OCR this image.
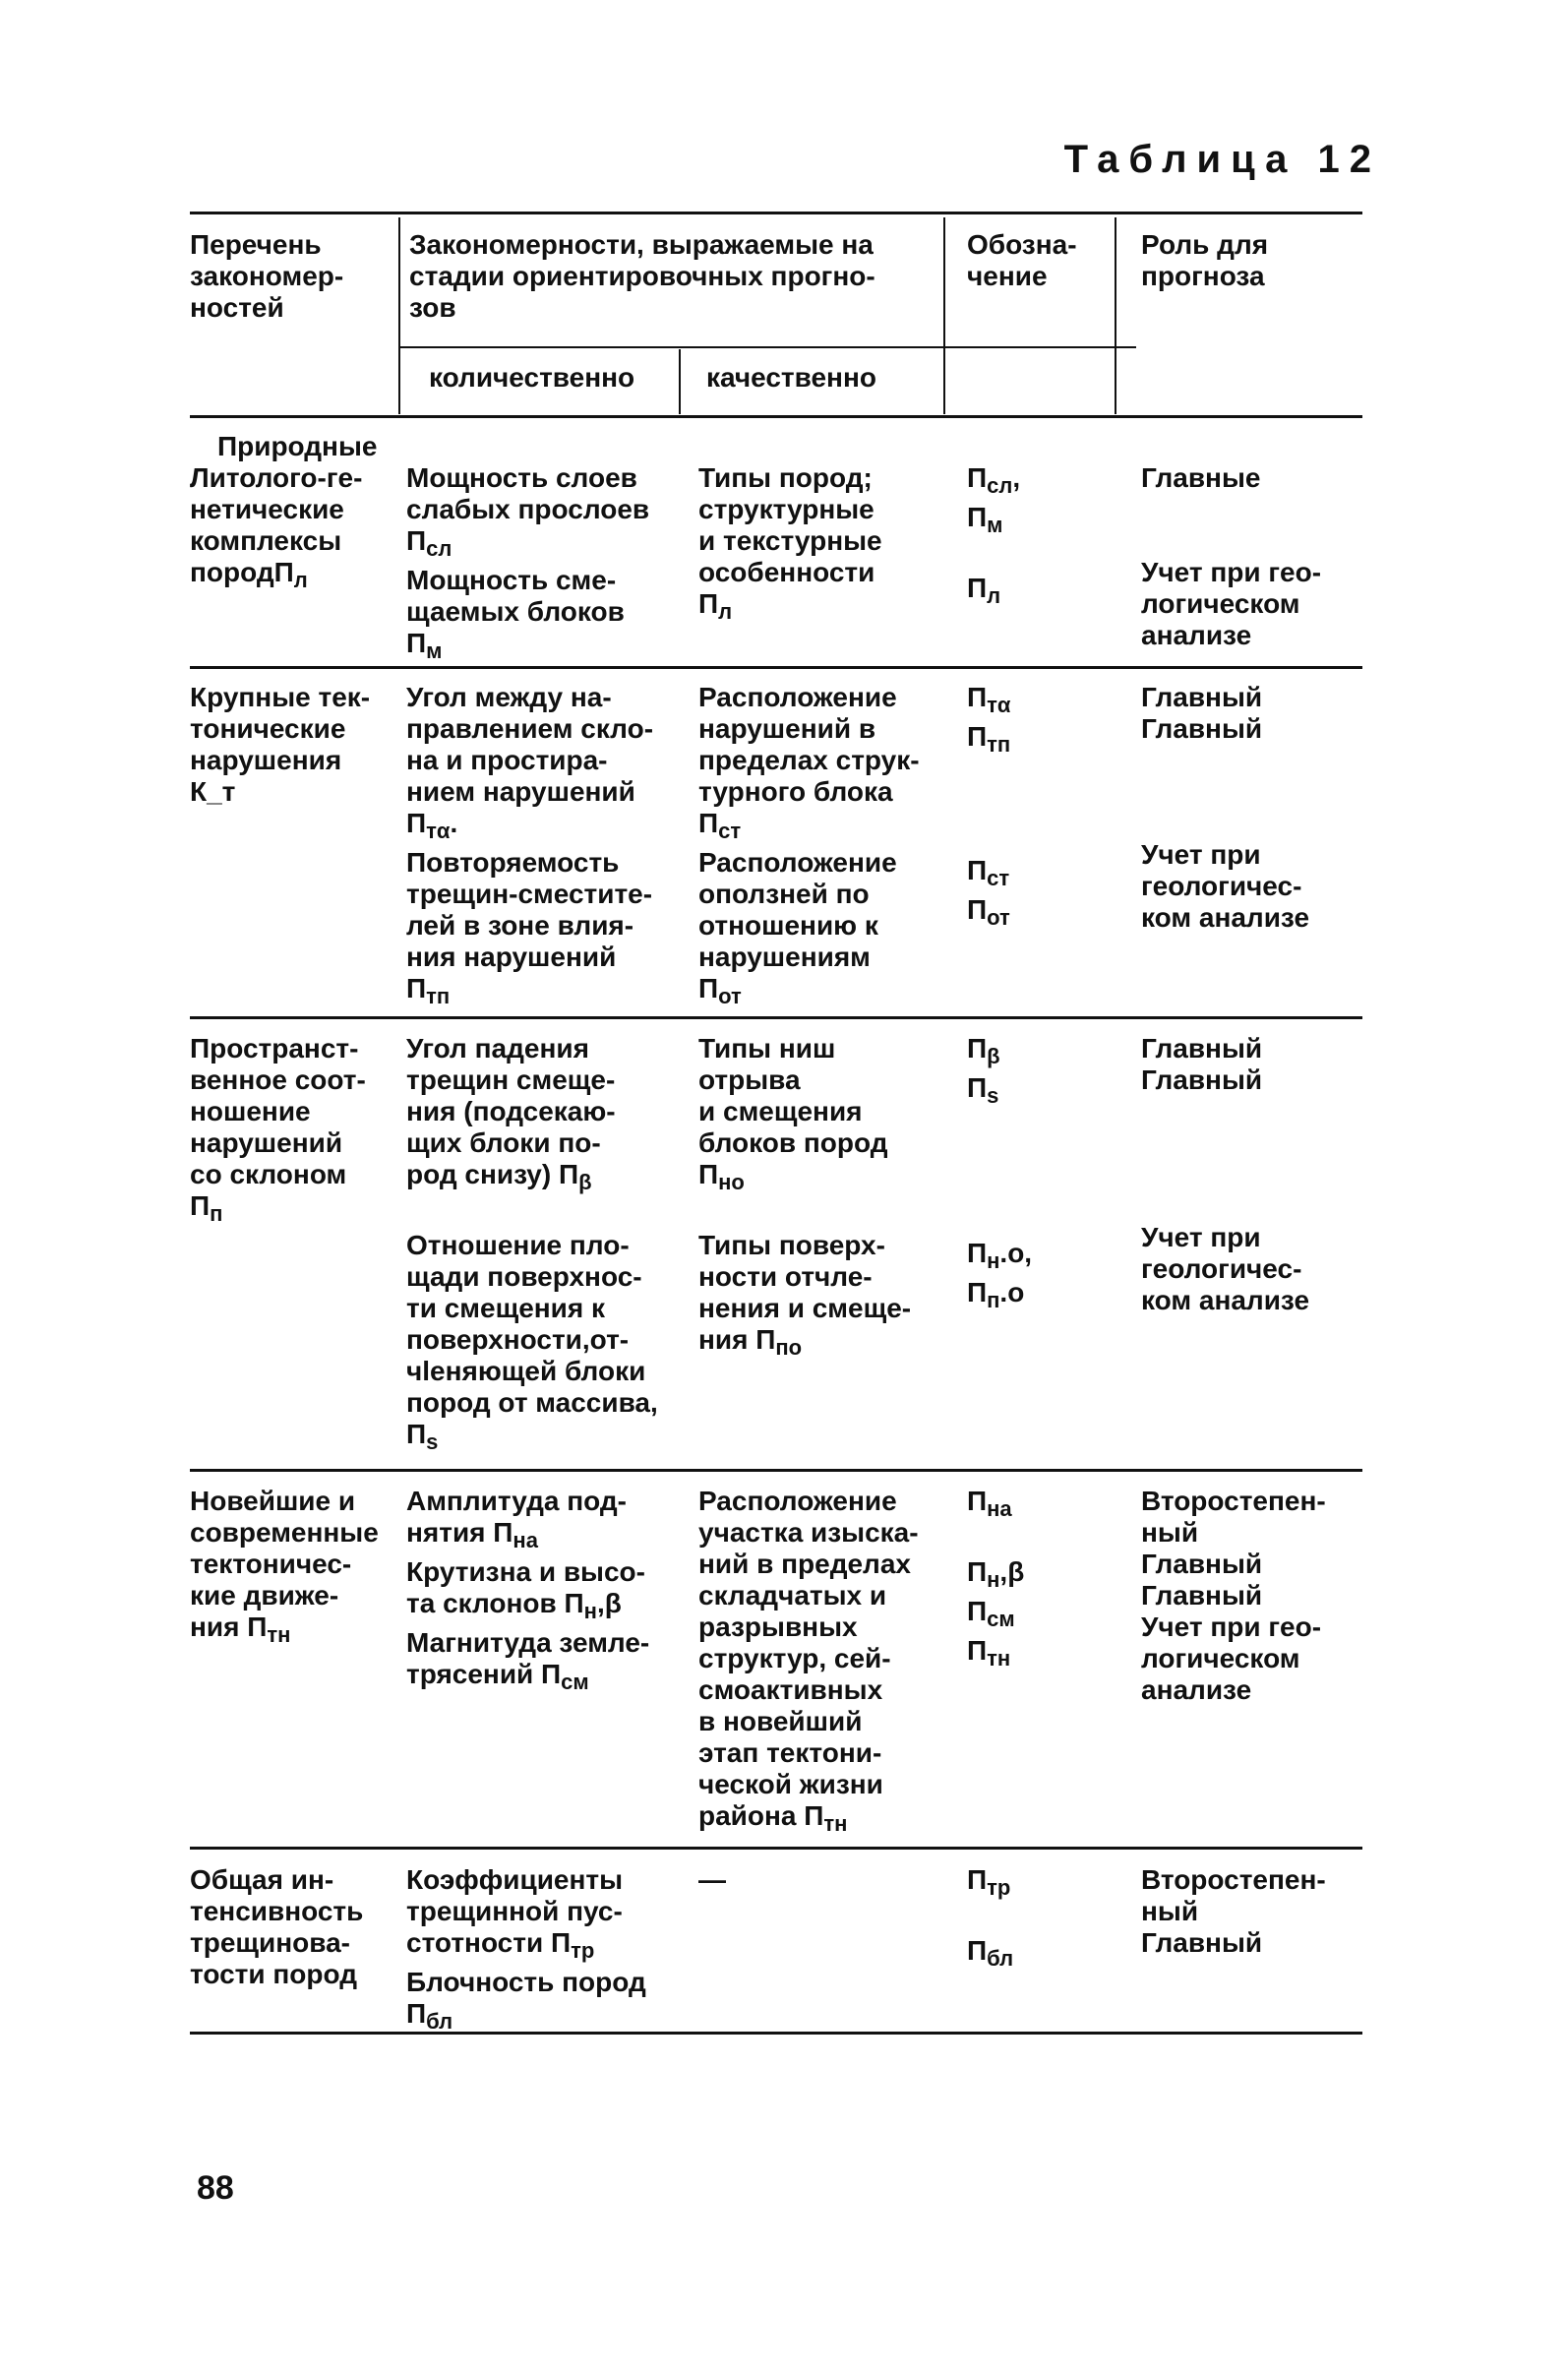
Таблица 12
Перечень
закономер-
ностей
Закономерности, выражаемые на
стадии ориентировочных прогно-
зов
количественно	качественно
Обозна-
чение
Роль для
прогноза
Природные
Литолого-ге-
нетические
комплексы
породП$_л$
Мощность слоев
слабых прослоев
$П_{сл}$
Мощность сме-
щаемых блоков
$П_м$
Типы пород;
структурные
и текстурные
особенности
$П_л$
$П_{сл}$,
$П_м$

$П_л$
Главные

Учет при гео-
логическом
анализе
Крупные тек-
тонические
нарушения
К_т
Угол между на-
правлением скло-
на и простира-
нием нарушений
$П_{т\alpha}$.
Повторяемость
трещин-сместите-
лей в зоне влия-
ния нарушений
$П_{тп}$
Расположение
нарушений в
пределах струк-
турного блока
$П_{ст}$
Расположение
оползней по
отношению к
нарушениям
$П_{от}$
$П_{т\alpha}$
$П_{тп}$

$П_{ст}$
$П_{от}$
Главный
Главный

Учет при
геологичес-
ком анализе
Пространст-
венное соот-
ношение
нарушений
со склоном
$П_п$
Угол падения
трещин смеще-
ния (подсекаю-
щих блоки по-
род снизу) $П_\beta$

Отношение пло-
щади поверхнос-
ти смещения к
поверхности,от-
чleняющей блоки
пород от массива,
$П_s$
Типы ниш
отрыва
и смещения
блоков пород
$П_{но}$

Типы поверх-
ности отчле-
нения и смеще-
ния $П_{по}$
$П_\beta$
$П_s$

$П_н.о$,
$П_п.о$
Главный
Главный

Учет при
геологичес-
ком анализе
Новейшие и
современные
тектоничес-
кие движе-
ния $П_{тн}$
Амплитуда под-
нятия $П_{на}$
Крутизна и высо-
та склонов $П_н,\beta$
Магнитуда земле-
трясений $П_{см}$
Расположение
участка изыска-
ний в пределах
складчатых и
разрывных
структур, сей-
смоактивных
в новейший
этап тектони-
ческой жизни
района $П_{тн}$
$П_{на}$

$П_н,\beta$
$П_{см}$
$П_{тн}$
Второстепен-
ный
Главный
Главный
Учет при гео-
логическом
анализе
Общая ин-
тенсивность
трещинова-
тости пород
Коэффициенты
трещинной пус-
стотности $П_{тр}$
Блочность пород
$П_{бл}$
—	$П_{тр}$

$П_{бл}$
Второстепен-
ный
Главный
88
